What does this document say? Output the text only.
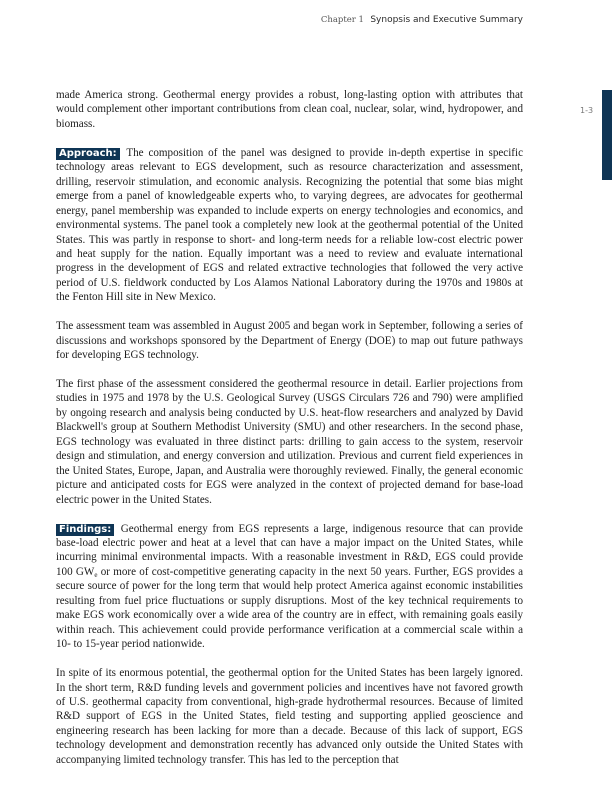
Chapter 1 Synopsis and Executive Summary
1-3

made America strong. Geothermal energy provides a robust, long-lasting option with attributes that would complement other important contributions from clean coal, nuclear, solar, wind, hydropower, and biomass.

Approach: The composition of the panel was designed to provide in-depth expertise in specific technology areas relevant to EGS development, such as resource characterization and assessment, drilling, reservoir stimulation, and economic analysis. Recognizing the potential that some bias might emerge from a panel of knowledgeable experts who, to varying degrees, are advocates for geothermal energy, panel membership was expanded to include experts on energy technologies and economics, and environmental systems. The panel took a completely new look at the geothermal potential of the United States. This was partly in response to short- and long-term needs for a reliable low-cost electric power and heat supply for the nation. Equally important was a need to review and evaluate international progress in the development of EGS and related extractive technologies that followed the very active period of U.S. fieldwork conducted by Los Alamos National Laboratory during the 1970s and 1980s at the Fenton Hill site in New Mexico.

The assessment team was assembled in August 2005 and began work in September, following a series of discussions and workshops sponsored by the Department of Energy (DOE) to map out future pathways for developing EGS technology.

The first phase of the assessment considered the geothermal resource in detail. Earlier projections from studies in 1975 and 1978 by the U.S. Geological Survey (USGS Circulars 726 and 790) were amplified by ongoing research and analysis being conducted by U.S. heat-flow researchers and analyzed by David Blackwell's group at Southern Methodist University (SMU) and other researchers. In the second phase, EGS technology was evaluated in three distinct parts: drilling to gain access to the system, reservoir design and stimulation, and energy conversion and utilization. Previous and current field experiences in the United States, Europe, Japan, and Australia were thoroughly reviewed. Finally, the general economic picture and anticipated costs for EGS were analyzed in the context of projected demand for base-load electric power in the United States.

Findings: Geothermal energy from EGS represents a large, indigenous resource that can provide base-load electric power and heat at a level that can have a major impact on the United States, while incurring minimal environmental impacts. With a reasonable investment in R&D, EGS could provide 100 $GW_e$ or more of cost-competitive generating capacity in the next 50 years. Further, EGS provides a secure source of power for the long term that would help protect America against economic instabilities resulting from fuel price fluctuations or supply disruptions. Most of the key technical requirements to make EGS work economically over a wide area of the country are in effect, with remaining goals easily within reach. This achievement could provide performance verification at a commercial scale within a 10- to 15-year period nationwide.

In spite of its enormous potential, the geothermal option for the United States has been largely ignored. In the short term, R&D funding levels and government policies and incentives have not favored growth of U.S. geothermal capacity from conventional, high-grade hydrothermal resources. Because of limited R&D support of EGS in the United States, field testing and supporting applied geoscience and engineering research has been lacking for more than a decade. Because of this lack of support, EGS technology development and demonstration recently has advanced only outside the United States with accompanying limited technology transfer. This has led to the perception that
